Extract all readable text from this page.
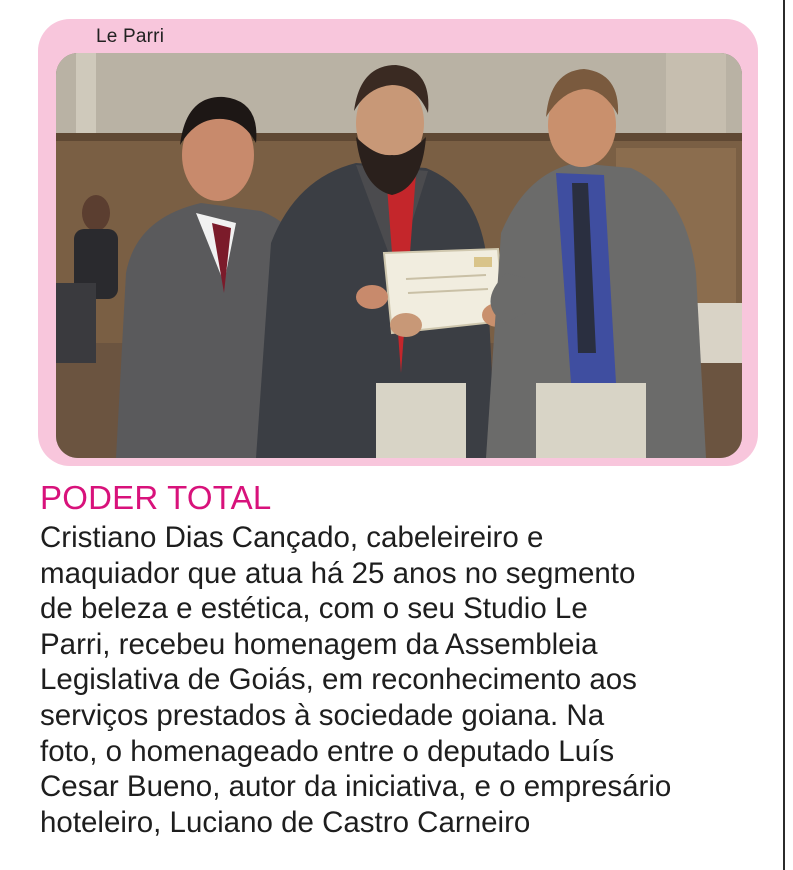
Le Parri
PODER TOTAL
Cristiano Dias Cançado, cabeleireiro e
maquiador que atua há 25 anos no segmento
de beleza e estética, com o seu Studio Le
Parri, recebeu homenagem da Assembleia
Legislativa de Goiás, em reconhecimento aos
serviços prestados à sociedade goiana. Na
foto, o homenageado entre o deputado Luís
Cesar Bueno, autor da iniciativa, e o empresário
hoteleiro, Luciano de Castro Carneiro
